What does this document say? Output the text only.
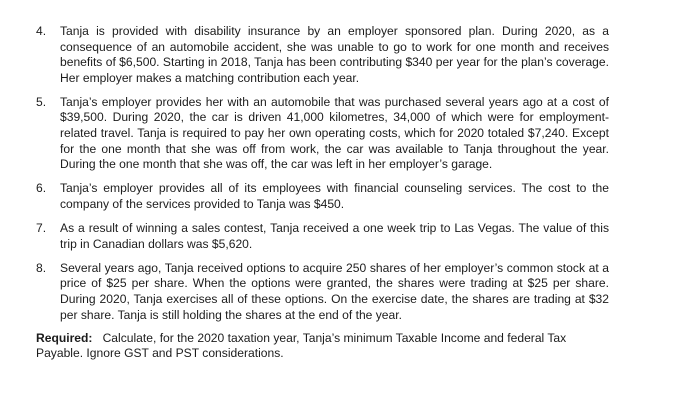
4.	Tanja is provided with disability insurance by an employer sponsored plan. During 2020, as a consequence of an automobile accident, she was unable to go to work for one month and receives benefits of $6,500. Starting in 2018, Tanja has been contributing $340 per year for the plan’s coverage. Her employer makes a matching contribution each year.
5.	Tanja’s employer provides her with an automobile that was purchased several years ago at a cost of $39,500. During 2020, the car is driven 41,000 kilometres, 34,000 of which were for employment-related travel. Tanja is required to pay her own operating costs, which for 2020 totaled $7,240. Except for the one month that she was off from work, the car was available to Tanja throughout the year. During the one month that she was off, the car was left in her employer’s garage.
6.	Tanja’s employer provides all of its employees with financial counseling services. The cost to the company of the services provided to Tanja was $450.
7.	As a result of winning a sales contest, Tanja received a one week trip to Las Vegas. The value of this trip in Canadian dollars was $5,620.
8.	Several years ago, Tanja received options to acquire 250 shares of her employer’s common stock at a price of $25 per share. When the options were granted, the shares were trading at $25 per share. During 2020, Tanja exercises all of these options. On the exercise date, the shares are trading at $32 per share. Tanja is still holding the shares at the end of the year.

Required: Calculate, for the 2020 taxation year, Tanja’s minimum Taxable Income and federal Tax Payable. Ignore GST and PST considerations.
